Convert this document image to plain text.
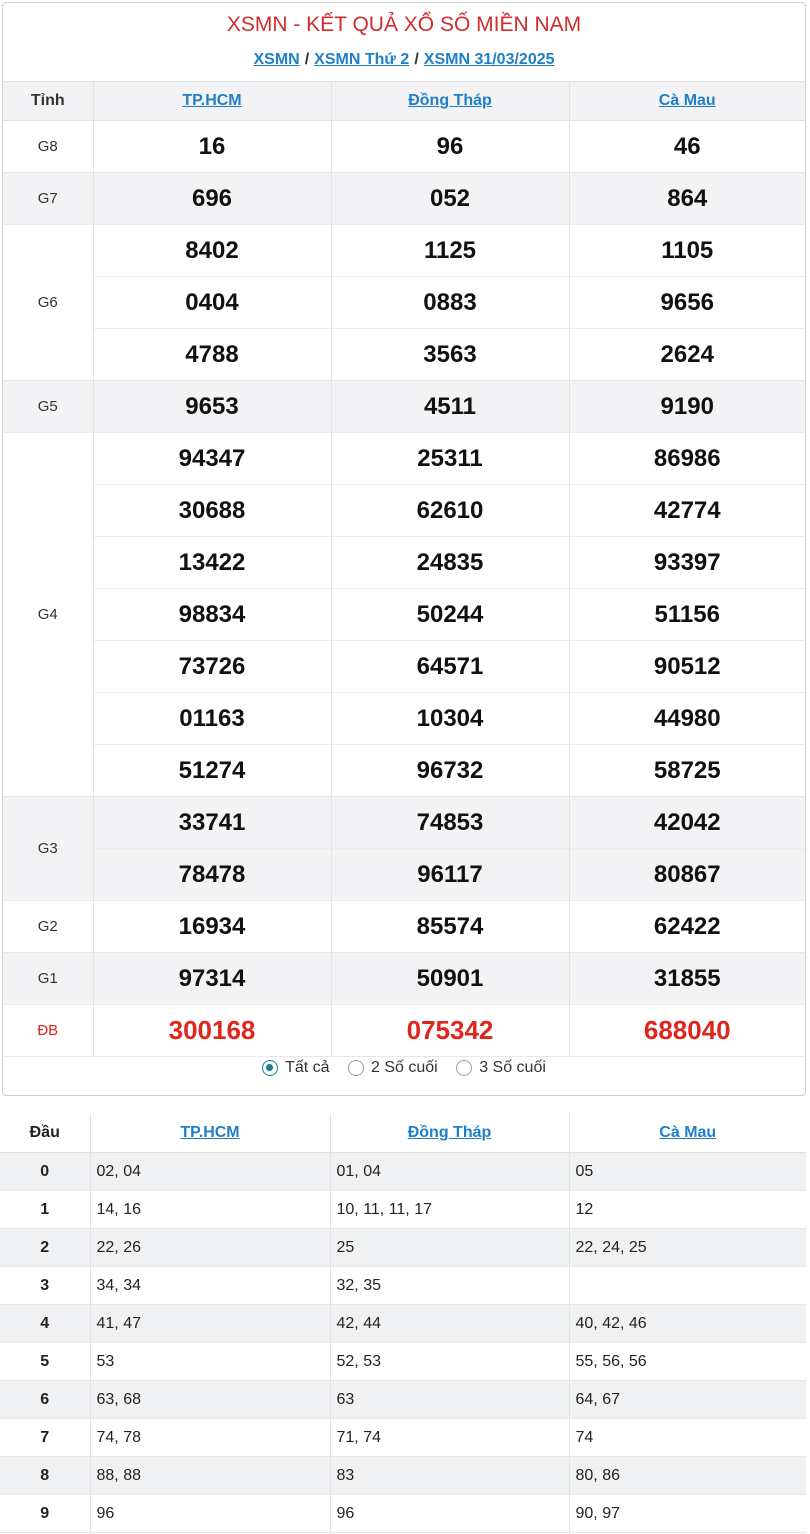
XSMN - KẾT QUẢ XỔ SỐ MIỀN NAM
XSMN / XSMN Thứ 2 / XSMN 31/03/2025
Tỉnh	TP.HCM	Đồng Tháp	Cà Mau
G8	16	96	46
G7	696	052	864
G6	8402	1125	1105
	0404	0883	9656
	4788	3563	2624
G5	9653	4511	9190
G4	94347	25311	86986
	30688	62610	42774
	13422	24835	93397
	98834	50244	51156
	73726	64571	90512
	01163	10304	44980
	51274	96732	58725
G3	33741	74853	42042
	78478	96117	80867
G2	16934	85574	62422
G1	97314	50901	31855
ĐB	300168	075342	688040
Tất cả
	2 Số cuối
	3 Số cuối
Đầu	TP.HCM	Đồng Tháp	Cà Mau
0	02, 04	01, 04	05
1	14, 16	10, 11, 11, 17	12
2	22, 26	25	22, 24, 25
3	34, 34	32, 35	
4	41, 47	42, 44	40, 42, 46
5	53	52, 53	55, 56, 56
6	63, 68	63	64, 67
7	74, 78	71, 74	74
8	88, 88	83	80, 86
9	96	96	90, 97
